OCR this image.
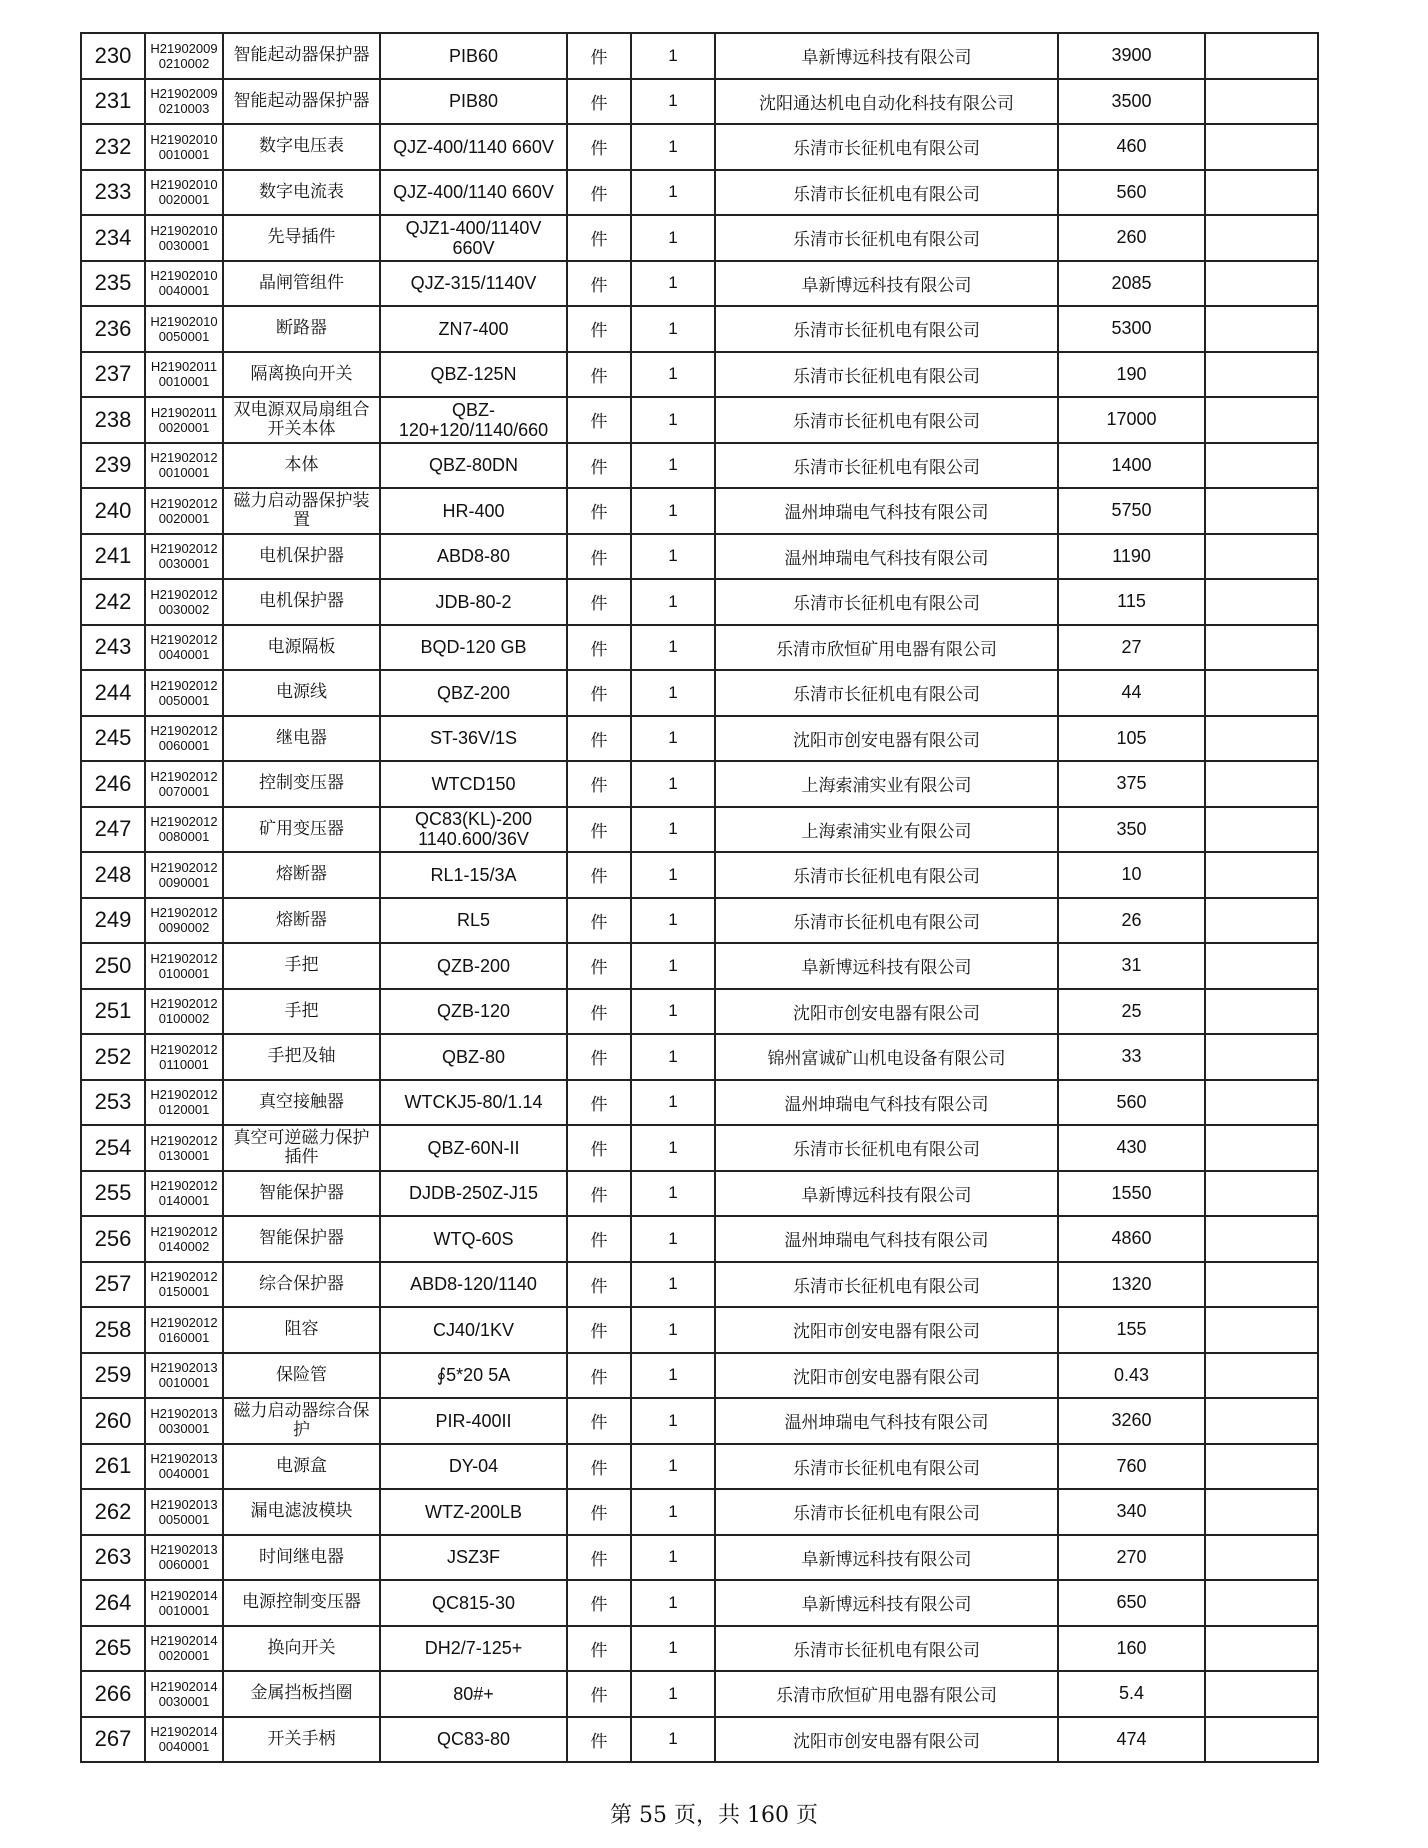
230	H219020090210002	智能起动器保护器	PIB60	件	1	阜新博远科技有限公司	3900	
231	H219020090210003	智能起动器保护器	PIB80	件	1	沈阳通达机电自动化科技有限公司	3500	
232	H219020100010001	数字电压表	QJZ-400/1140 660V	件	1	乐清市长征机电有限公司	460	
233	H219020100020001	数字电流表	QJZ-400/1140 660V	件	1	乐清市长征机电有限公司	560	
234	H219020100030001	先导插件	QJZ1-400/1140V 660V	件	1	乐清市长征机电有限公司	260	
235	H219020100040001	晶闸管组件	QJZ-315/1140V	件	1	阜新博远科技有限公司	2085	
236	H219020100050001	断路器	ZN7-400	件	1	乐清市长征机电有限公司	5300	
237	H219020110010001	隔离换向开关	QBZ-125N	件	1	乐清市长征机电有限公司	190	
238	H219020110020001	双电源双局扇组合开关本体	QBZ-120+120/1140/660	件	1	乐清市长征机电有限公司	17000	
239	H219020120010001	本体	QBZ-80DN	件	1	乐清市长征机电有限公司	1400	
240	H219020120020001	磁力启动器保护装置	HR-400	件	1	温州坤瑞电气科技有限公司	5750	
241	H219020120030001	电机保护器	ABD8-80	件	1	温州坤瑞电气科技有限公司	1190	
242	H219020120030002	电机保护器	JDB-80-2	件	1	乐清市长征机电有限公司	115	
243	H219020120040001	电源隔板	BQD-120 GB	件	1	乐清市欣恒矿用电器有限公司	27	
244	H219020120050001	电源线	QBZ-200	件	1	乐清市长征机电有限公司	44	
245	H219020120060001	继电器	ST-36V/1S	件	1	沈阳市创安电器有限公司	105	
246	H219020120070001	控制变压器	WTCD150	件	1	上海索浦实业有限公司	375	
247	H219020120080001	矿用变压器	QC83(KL)-200 1140.600/36V	件	1	上海索浦实业有限公司	350	
248	H219020120090001	熔断器	RL1-15/3A	件	1	乐清市长征机电有限公司	10	
249	H219020120090002	熔断器	RL5	件	1	乐清市长征机电有限公司	26	
250	H219020120100001	手把	QZB-200	件	1	阜新博远科技有限公司	31	
251	H219020120100002	手把	QZB-120	件	1	沈阳市创安电器有限公司	25	
252	H219020120110001	手把及轴	QBZ-80	件	1	锦州富诚矿山机电设备有限公司	33	
253	H219020120120001	真空接触器	WTCKJ5-80/1.14	件	1	温州坤瑞电气科技有限公司	560	
254	H219020120130001	真空可逆磁力保护插件	QBZ-60N-II	件	1	乐清市长征机电有限公司	430	
255	H219020120140001	智能保护器	DJDB-250Z-J15	件	1	阜新博远科技有限公司	1550	
256	H219020120140002	智能保护器	WTQ-60S	件	1	温州坤瑞电气科技有限公司	4860	
257	H219020120150001	综合保护器	ABD8-120/1140	件	1	乐清市长征机电有限公司	1320	
258	H219020120160001	阻容	CJ40/1KV	件	1	沈阳市创安电器有限公司	155	
259	H219020130010001	保险管	∮5*20 5A	件	1	沈阳市创安电器有限公司	0.43	
260	H219020130030001	磁力启动器综合保护	PIR-400II	件	1	温州坤瑞电气科技有限公司	3260	
261	H219020130040001	电源盒	DY-04	件	1	乐清市长征机电有限公司	760	
262	H219020130050001	漏电滤波模块	WTZ-200LB	件	1	乐清市长征机电有限公司	340	
263	H219020130060001	时间继电器	JSZ3F	件	1	阜新博远科技有限公司	270	
264	H219020140010001	电源控制变压器	QC815-30	件	1	阜新博远科技有限公司	650	
265	H219020140020001	换向开关	DH2/7-125+	件	1	乐清市长征机电有限公司	160	
266	H219020140030001	金属挡板挡圈	80#+	件	1	乐清市欣恒矿用电器有限公司	5.4	
267	H219020140040001	开关手柄	QC83-80	件	1	沈阳市创安电器有限公司	474	
第 55 页，共 160 页
